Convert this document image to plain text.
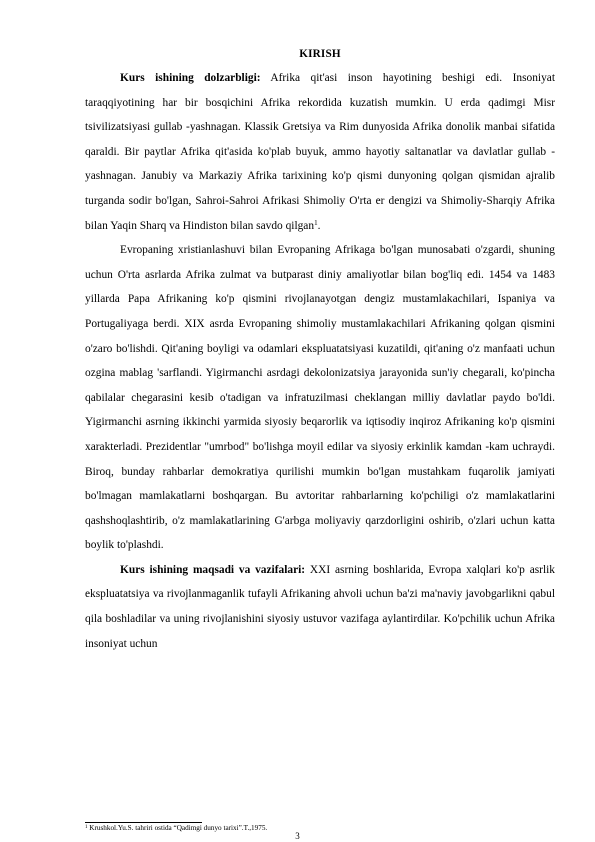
KIRISH

Kurs ishining dolzarbligi: Afrika qit'asi inson hayotining beshigi edi. Insoniyat taraqqiyotining har bir bosqichini Afrika rekordida kuzatish mumkin. U erda qadimgi Misr tsivilizatsiyasi gullab -yashnagan. Klassik Gretsiya va Rim dunyosida Afrika donolik manbai sifatida qaraldi. Bir paytlar Afrika qit'asida ko'plab buyuk, ammo hayotiy saltanatlar va davlatlar gullab -yashnagan. Janubiy va Markaziy Afrika tarixining ko'p qismi dunyoning qolgan qismidan ajralib turganda sodir bo'lgan, Sahroi-Sahroi Afrikasi Shimoliy O'rta er dengizi va Shimoliy-Sharqiy Afrika bilan Yaqin Sharq va Hindiston bilan savdo qilgan$^1$.

Evropaning xristianlashuvi bilan Evropaning Afrikaga bo'lgan munosabati o'zgardi, shuning uchun O'rta asrlarda Afrika zulmat va butparast diniy amaliyotlar bilan bog'liq edi. 1454 va 1483 yillarda Papa Afrikaning ko'p qismini rivojlanayotgan dengiz mustamlakachilari, Ispaniya va Portugaliyaga berdi. XIX asrda Evropaning shimoliy mustamlakachilari Afrikaning qolgan qismini o'zaro bo'lishdi. Qit'aning boyligi va odamlari ekspluatatsiyasi kuzatildi, qit'aning o'z manfaati uchun ozgina mablag 'sarflandi. Yigirmanchi asrdagi dekolonizatsiya jarayonida sun'iy chegarali, ko'pincha qabilalar chegarasini kesib o'tadigan va infratuzilmasi cheklangan milliy davlatlar paydo bo'ldi. Yigirmanchi asrning ikkinchi yarmida siyosiy beqarorlik va iqtisodiy inqiroz Afrikaning ko'p qismini xarakterladi. Prezidentlar "umrbod" bo'lishga moyil edilar va siyosiy erkinlik kamdan -kam uchraydi. Biroq, bunday rahbarlar demokratiya qurilishi mumkin bo'lgan mustahkam fuqarolik jamiyati bo'lmagan mamlakatlarni boshqargan. Bu avtoritar rahbarlarning ko'pchiligi o'z mamlakatlarini qashshoqlashtirib, o'z mamlakatlarining G'arbga moliyaviy qarzdorligini oshirib, o'zlari uchun katta boylik to'plashdi.

Kurs ishining maqsadi va vazifalari: XXI asrning boshlarida, Evropa xalqlari ko'p asrlik ekspluatatsiya va rivojlanmaganlik tufayli Afrikaning ahvoli uchun ba'zi ma'naviy javobgarlikni qabul qila boshladilar va uning rivojlanishini siyosiy ustuvor vazifaga aylantirdilar. Ko'pchilik uchun Afrika insoniyat uchun

$^1$ Krushkol.Yu.S. tahriri ostida “Qadimgi dunyo tarixi”.T.,1975.
3
